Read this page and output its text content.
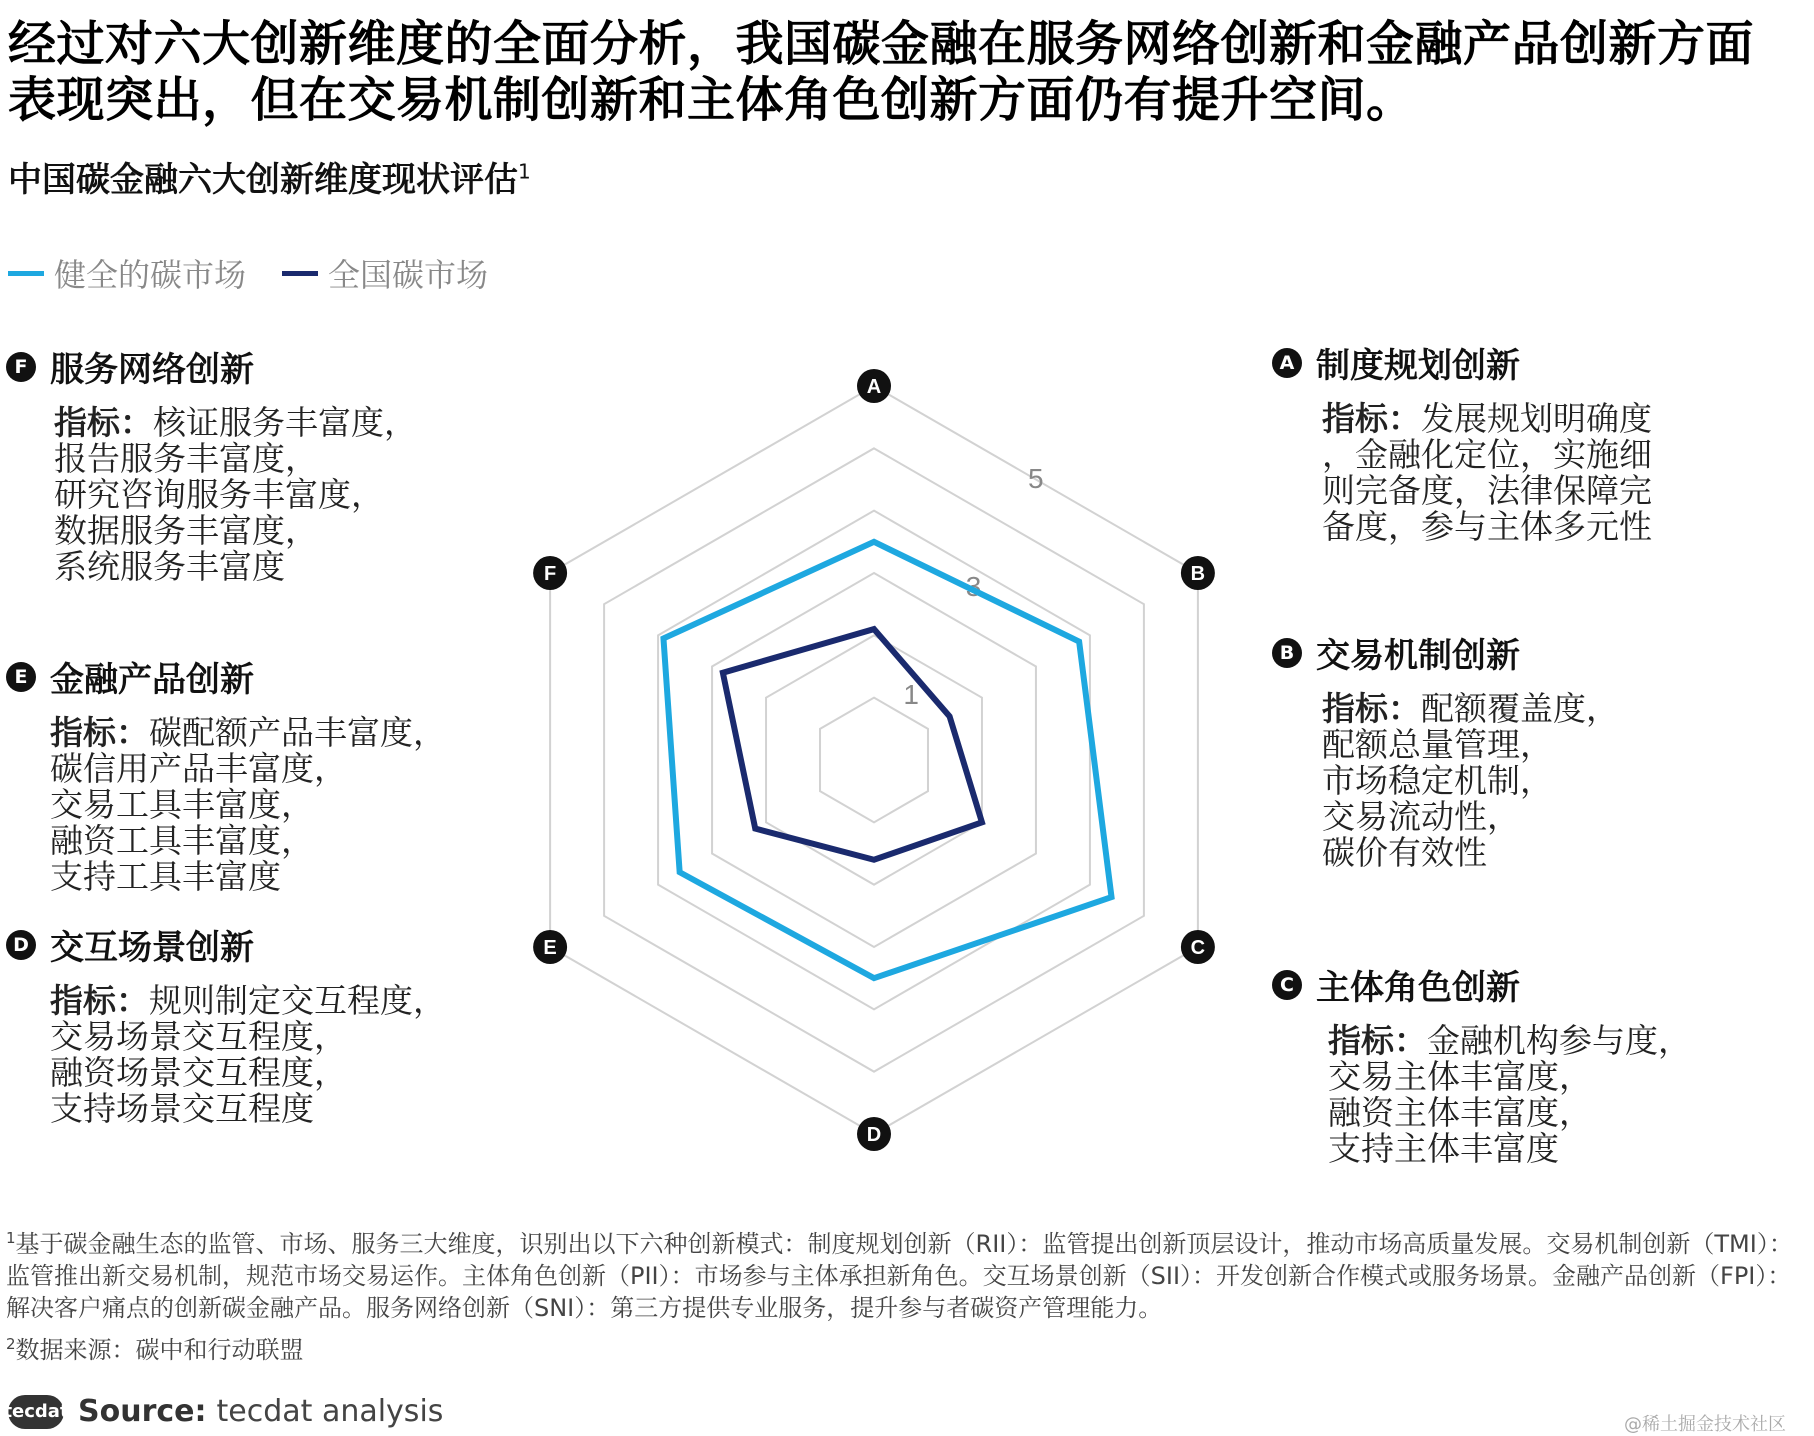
经过对六大创新维度的全面分析，我国碳金融在服务网络创新和金融产品创新方面表现突出，但在交易机制创新和主体角色创新方面仍有提升空间。
中国碳金融六大创新维度现状评估$^1$
健全的碳市场	全国碳市场
A 制度规划创新
指标：发展规划明确度
，金融化定位，实施细
则完备度，法律保障完
备度，参与主体多元性
B 交易机制创新
指标：配额覆盖度，
配额总量管理，
市场稳定机制，
交易流动性，
碳价有效性
C 主体角色创新
指标：金融机构参与度，
交易主体丰富度，
融资主体丰富度，
支持主体丰富度
D 交互场景创新
指标：规则制定交互程度，
交易场景交互程度，
融资场景交互程度，
支持场景交互程度
E 金融产品创新
指标：碳配额产品丰富度，
碳信用产品丰富度，
交易工具丰富度，
融资工具丰富度，
支持工具丰富度
F 服务网络创新
指标：核证服务丰富度，
报告服务丰富度，
研究咨询服务丰富度，
数据服务丰富度，
系统服务丰富度
1
3
5
A
B
C
D
E
F
$^1$基于碳金融生态的监管、市场、服务三大维度，识别出以下六种创新模式：制度规划创新（RII）：监管提出创新顶层设计，推动市场高质量发展。交易机制创新（TMI）：监管推出新交易机制，规范市场交易运作。主体角色创新（PII）：市场参与主体承担新角色。交互场景创新（SII）：开发创新合作模式或服务场景。金融产品创新（FPI）：解决客户痛点的创新碳金融产品。服务网络创新（SNI）：第三方提供专业服务，提升参与者碳资产管理能力。
$^2$数据来源：碳中和行动联盟
tecdat Source: tecdat analysis	@稀土掘金技术社区
